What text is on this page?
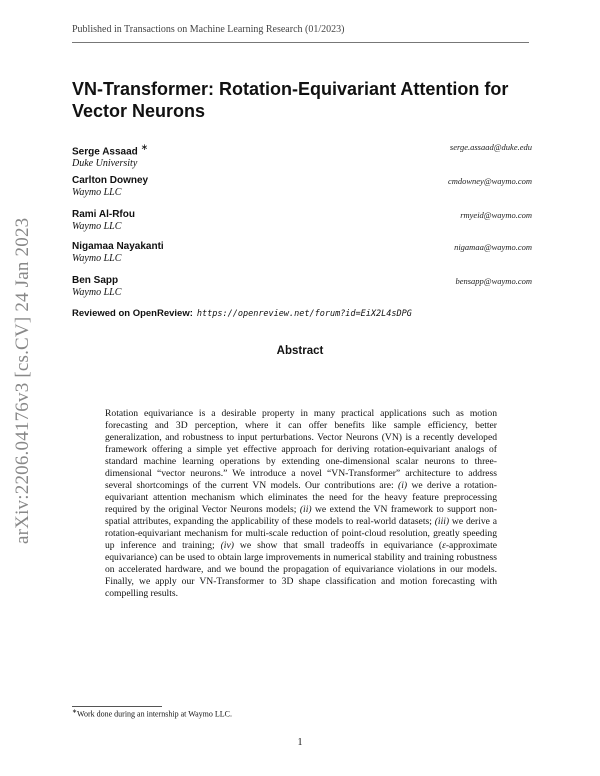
Published in Transactions on Machine Learning Research (01/2023)
VN-Transformer: Rotation-Equivariant Attention for Vector Neurons
Serge Assaad ∗
Duke University
serge.assaad@duke.edu
Carlton Downey
Waymo LLC
cmdowney@waymo.com
Rami Al-Rfou
Waymo LLC
rmyeid@waymo.com
Nigamaa Nayakanti
Waymo LLC
nigamaa@waymo.com
Ben Sapp
Waymo LLC
bensapp@waymo.com
Reviewed on OpenReview: https://openreview.net/forum?id=EiX2L4sDPG
Abstract
Rotation equivariance is a desirable property in many practical applications such as motion forecasting and 3D perception, where it can offer benefits like sample efficiency, better generalization, and robustness to input perturbations. Vector Neurons (VN) is a recently developed framework offering a simple yet effective approach for deriving rotation-equivariant analogs of standard machine learning operations by extending one-dimensional scalar neurons to three-dimensional “vector neurons.” We introduce a novel “VN-Transformer” architecture to address several shortcomings of the current VN models. Our contributions are: (i) we derive a rotation-equivariant attention mechanism which eliminates the need for the heavy feature preprocessing required by the original Vector Neurons models; (ii) we extend the VN framework to support non-spatial attributes, expanding the applicability of these models to real-world datasets; (iii) we derive a rotation-equivariant mechanism for multi-scale reduction of point-cloud resolution, greatly speeding up inference and training; (iv) we show that small tradeoffs in equivariance (ε-approximate equivariance) can be used to obtain large improvements in numerical stability and training robustness on accelerated hardware, and we bound the propagation of equivariance violations in our models. Finally, we apply our VN-Transformer to 3D shape classification and motion forecasting with compelling results.
arXiv:2206.04176v3 [cs.CV] 24 Jan 2023
∗Work done during an internship at Waymo LLC.
1
